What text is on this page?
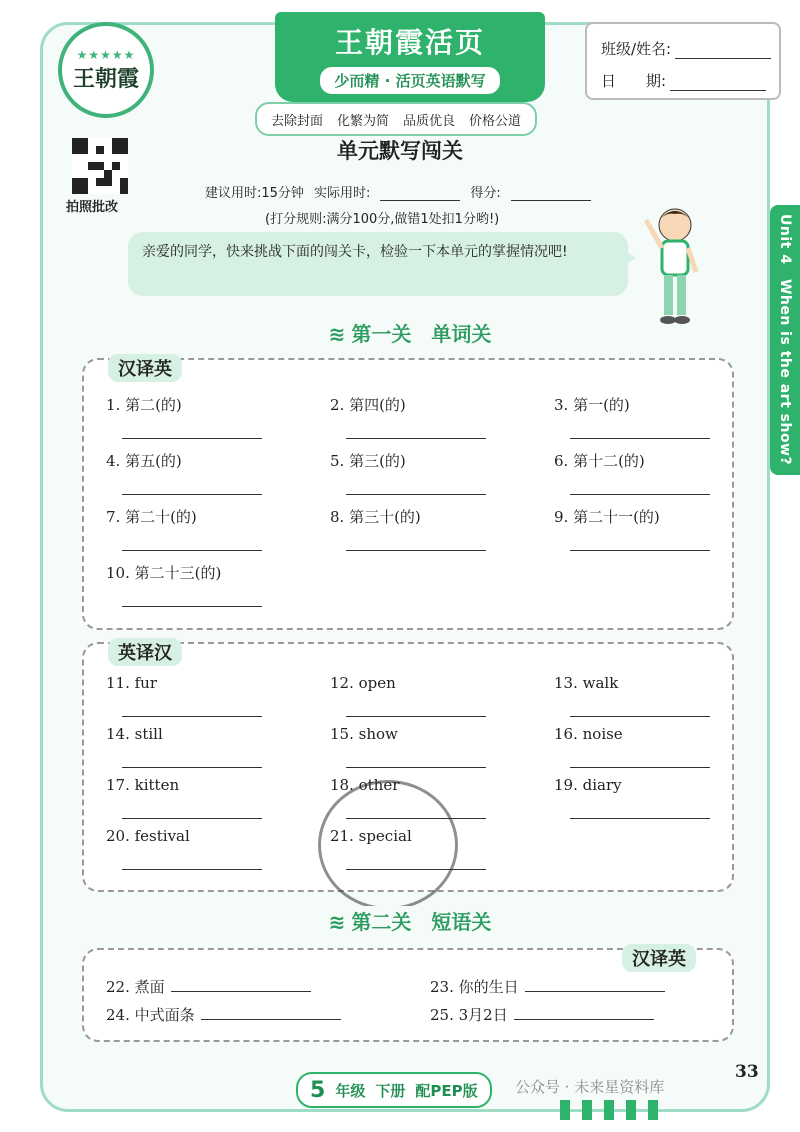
★★★★★
王朝霞
王朝霞活页
少而精 · 活页英语默写
班级/姓名:
日　　期:
去除封面 化繁为简 品质优良 价格公道
拍照批改
单元默写闯关
建议用时:15分钟 实际用时:	得分:
(打分规则:满分100分,做错1处扣1分哟!)
亲爱的同学，快来挑战下面的闯关卡，检验一下本单元的掌握情况吧!	Unit 4　When is the art show?
≋ 第一关　单词关
汉译英
1. 第二(的)	2. 第四(的)	3. 第一(的)
4. 第五(的)	5. 第三(的)	6. 第十二(的)
7. 第二十(的)	8. 第三十(的)	9. 第二十一(的)
10. 第二十三(的)
英译汉
11. fur	12. open	13. walk
14. still	15. show	16. noise
17. kitten	18. other	19. diary
20. festival	21. special
≋ 第二关　短语关
汉译英
22. 煮面	23. 你的生日
24. 中式面条	25. 3月2日
5 年级 下册 配PEP版 公众号 · 未来星资料库
33
